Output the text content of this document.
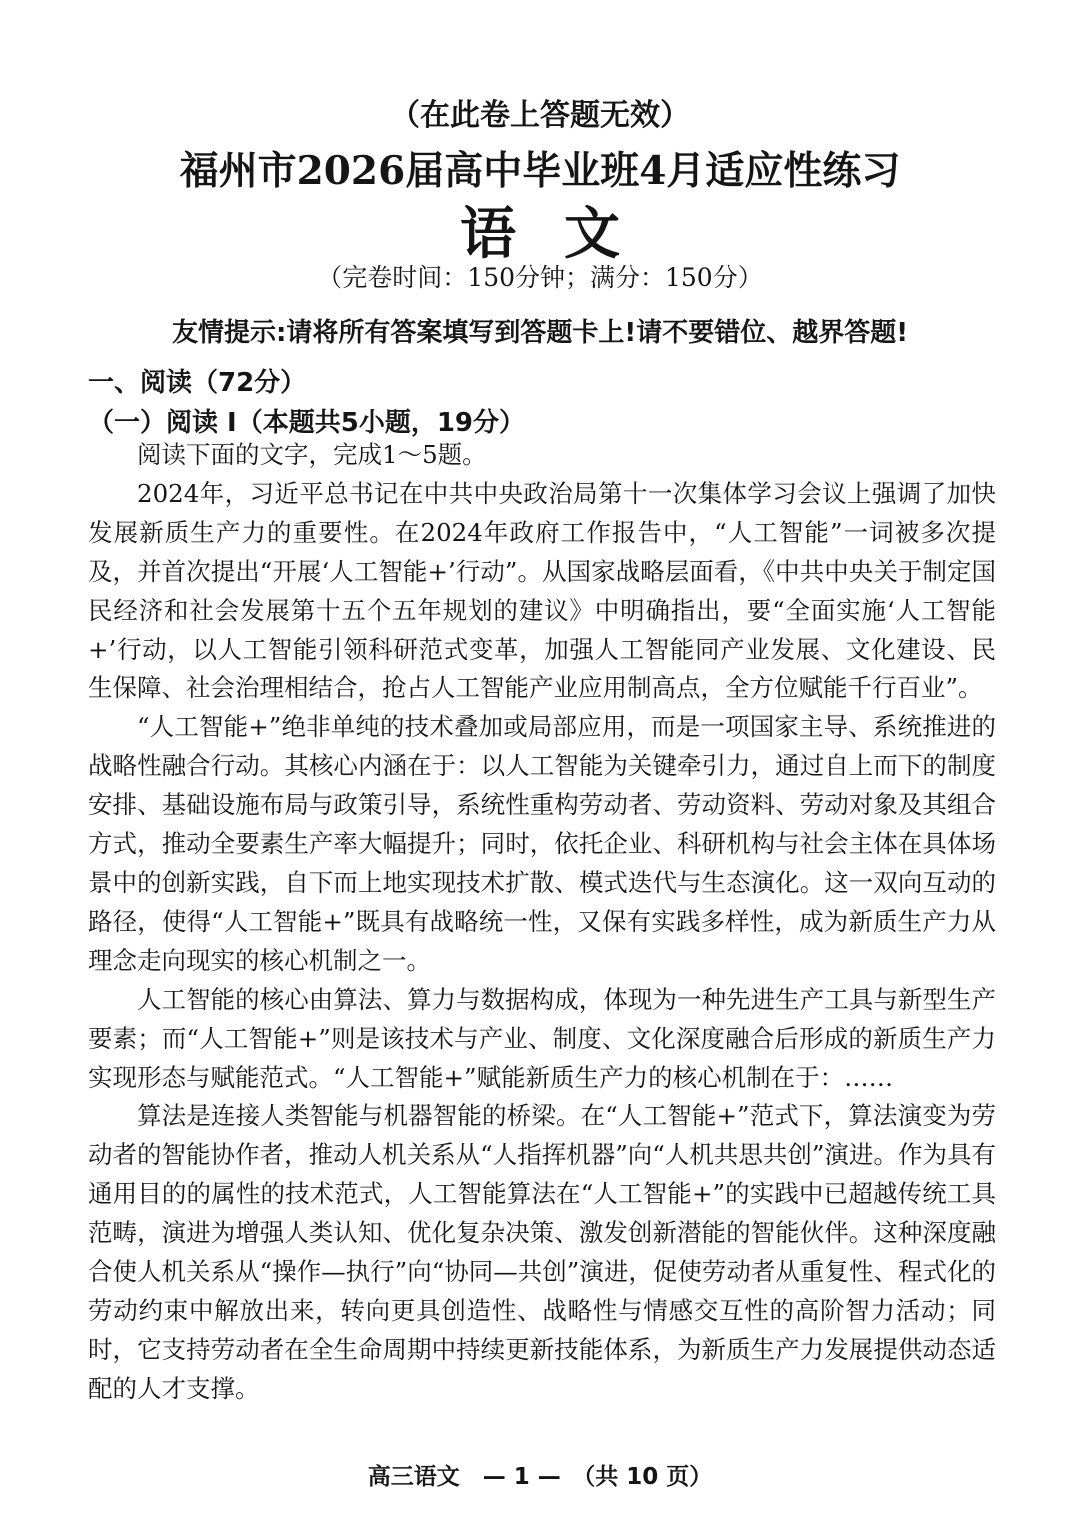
（在此卷上答题无效）
福州市2026届高中毕业班4月适应性练习
语文
（完卷时间：150分钟；满分：150分）
友情提示:请将所有答案填写到答题卡上!请不要错位、越界答题!
一、阅读（72分）
（一）阅读 I（本题共5小题，19分）

阅读下面的文字，完成1～5题。

2024年，习近平总书记在中共中央政治局第十一次集体学习会议上强调了加快发展新质生产力的重要性。在2024年政府工作报告中，“人工智能”一词被多次提及，并首次提出“开展‘人工智能+’行动”。从国家战略层面看，《中共中央关于制定国民经济和社会发展第十五个五年规划的建议》中明确指出，要“全面实施‘人工智能+’行动，以人工智能引领科研范式变革，加强人工智能同产业发展、文化建设、民生保障、社会治理相结合，抢占人工智能产业应用制高点，全方位赋能千行百业”。

“人工智能+”绝非单纯的技术叠加或局部应用，而是一项国家主导、系统推进的战略性融合行动。其核心内涵在于：以人工智能为关键牵引力，通过自上而下的制度安排、基础设施布局与政策引导，系统性重构劳动者、劳动资料、劳动对象及其组合方式，推动全要素生产率大幅提升；同时，依托企业、科研机构与社会主体在具体场景中的创新实践，自下而上地实现技术扩散、模式迭代与生态演化。这一双向互动的路径，使得“人工智能+”既具有战略统一性，又保有实践多样性，成为新质生产力从理念走向现实的核心机制之一。

人工智能的核心由算法、算力与数据构成，体现为一种先进生产工具与新型生产要素；而“人工智能+”则是该技术与产业、制度、文化深度融合后形成的新质生产力实现形态与赋能范式。“人工智能+”赋能新质生产力的核心机制在于：……

算法是连接人类智能与机器智能的桥梁。在“人工智能+”范式下，算法演变为劳动者的智能协作者，推动人机关系从“人指挥机器”向“人机共思共创”演进。作为具有通用目的的属性的技术范式，人工智能算法在“人工智能+”的实践中已超越传统工具范畴，演进为增强人类认知、优化复杂决策、激发创新潜能的智能伙伴。这种深度融合使人机关系从“操作—执行”向“协同—共创”演进，促使劳动者从重复性、程式化的劳动约束中解放出来，转向更具创造性、战略性与情感交互性的高阶智力活动；同时，它支持劳动者在全生命周期中持续更新技能体系，为新质生产力发展提供动态适配的人才支撑。

高三语文　— 1 —　（共 10 页）
